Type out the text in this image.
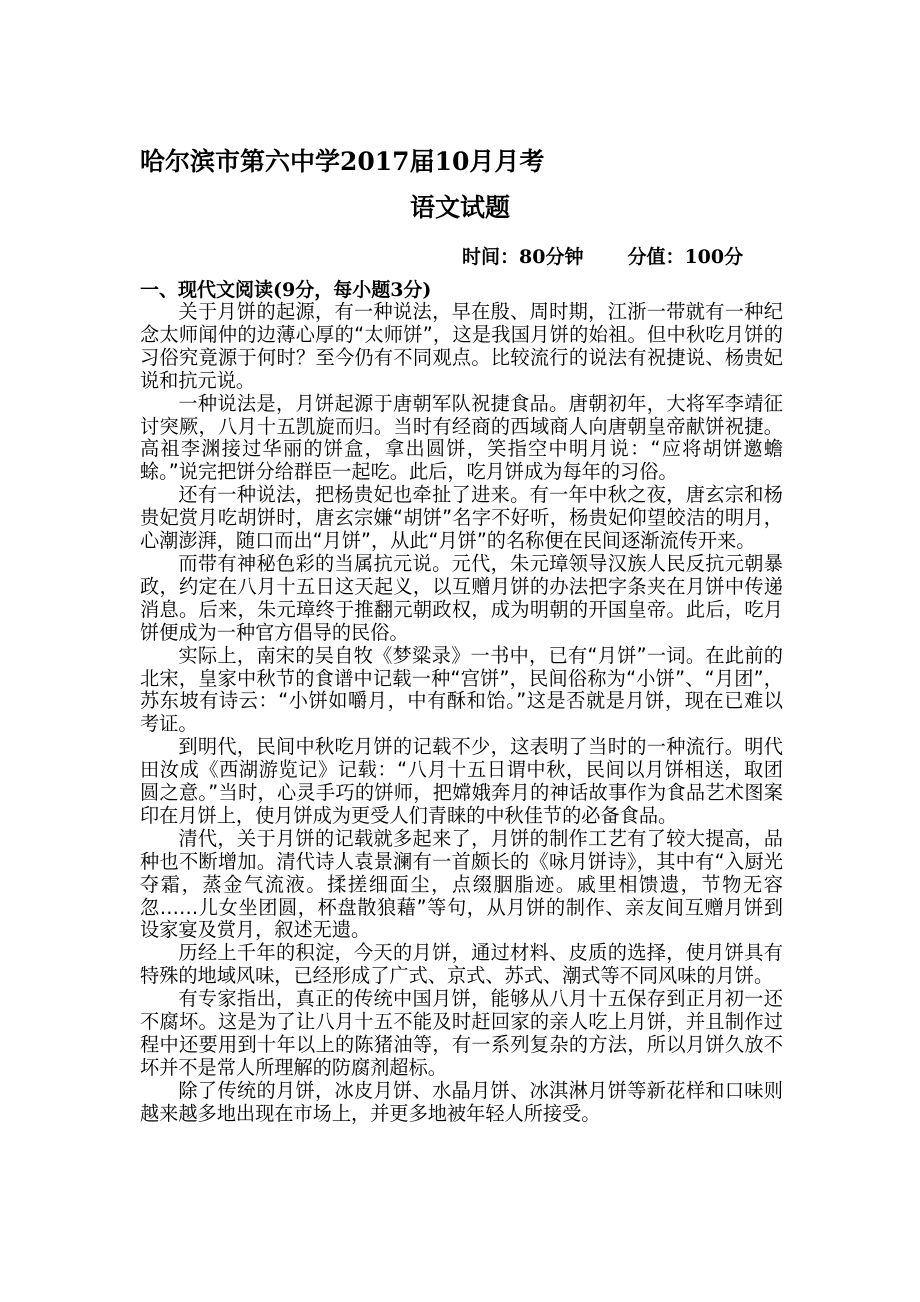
哈尔滨市第六中学2017届10月月考
语文试题
时间：80分钟 分值：100分
一、现代文阅读(9分，每小题3分)

关于月饼的起源，有一种说法，早在殷、周时期，江浙一带就有一种纪念太师闻仲的边薄心厚的“太师饼”，这是我国月饼的始祖。但中秋吃月饼的习俗究竟源于何时？至今仍有不同观点。比较流行的说法有祝捷说、杨贵妃说和抗元说。

一种说法是，月饼起源于唐朝军队祝捷食品。唐朝初年，大将军李靖征讨突厥，八月十五凯旋而归。当时有经商的西域商人向唐朝皇帝献饼祝捷。高祖李渊接过华丽的饼盒，拿出圆饼，笑指空中明月说：“应将胡饼邀蟾蜍。”说完把饼分给群臣一起吃。此后，吃月饼成为每年的习俗。

还有一种说法，把杨贵妃也牵扯了进来。有一年中秋之夜，唐玄宗和杨贵妃赏月吃胡饼时，唐玄宗嫌“胡饼”名字不好听，杨贵妃仰望皎洁的明月，心潮澎湃，随口而出“月饼”，从此“月饼”的名称便在民间逐渐流传开来。

而带有神秘色彩的当属抗元说。元代，朱元璋领导汉族人民反抗元朝暴政，约定在八月十五日这天起义，以互赠月饼的办法把字条夹在月饼中传递消息。后来，朱元璋终于推翻元朝政权，成为明朝的开国皇帝。此后，吃月饼便成为一种官方倡导的民俗。

实际上，南宋的吴自牧《梦粱录》一书中，已有“月饼”一词。在此前的北宋，皇家中秋节的食谱中记载一种“宫饼”，民间俗称为“小饼”、“月团”，苏东坡有诗云：“小饼如嚼月，中有酥和饴。”这是否就是月饼，现在已难以考证。

到明代，民间中秋吃月饼的记载不少，这表明了当时的一种流行。明代田汝成《西湖游览记》记载：“八月十五日谓中秋，民间以月饼相送，取团圆之意。”当时，心灵手巧的饼师，把嫦娥奔月的神话故事作为食品艺术图案印在月饼上，使月饼成为更受人们青睐的中秋佳节的必备食品。

清代，关于月饼的记载就多起来了，月饼的制作工艺有了较大提高，品种也不断增加。清代诗人袁景澜有一首颇长的《咏月饼诗》，其中有“入厨光夺霜，蒸金气流液。揉搓细面尘，点缀胭脂迹。戚里相馈遗，节物无容忽……儿女坐团圆，杯盘散狼藉”等句，从月饼的制作、亲友间互赠月饼到设家宴及赏月，叙述无遗。

历经上千年的积淀，今天的月饼，通过材料、皮质的选择，使月饼具有特殊的地域风味，已经形成了广式、京式、苏式、潮式等不同风味的月饼。

有专家指出，真正的传统中国月饼，能够从八月十五保存到正月初一还不腐坏。这是为了让八月十五不能及时赶回家的亲人吃上月饼，并且制作过程中还要用到十年以上的陈猪油等，有一系列复杂的方法，所以月饼久放不坏并不是常人所理解的防腐剂超标。

除了传统的月饼，冰皮月饼、水晶月饼、冰淇淋月饼等新花样和口味则越来越多地出现在市场上，并更多地被年轻人所接受。
